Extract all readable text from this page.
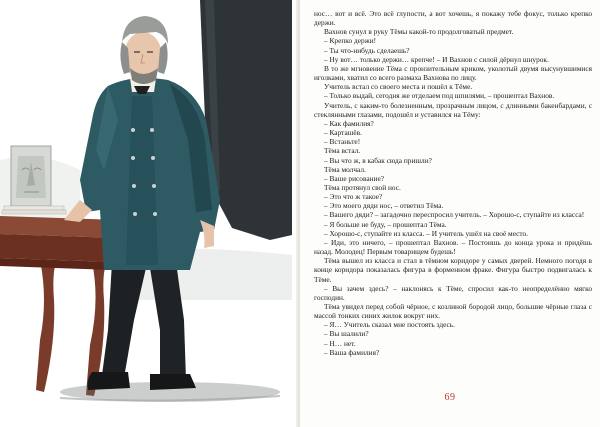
нос… вот и всё. Это всё глупости, а вот хочешь, я покажу тебе фокус, только крепко держи.

Вахнов сунул в руку Тёмы какой-то продолговатый предмет.

– Крепко держи!

– Ты что-нибудь сделаешь?

– Ну вот… только держи… крепче! – И Вахнов с силой дёрнул шнурок.

В то же мгновение Тёма с пронзительным криком, уколотый двумя высунувшимися иголками, хватил со всего размаха Вахнова по лицу.

Учитель встал со своего места и пошёл к Тёме.

– Только выдай, сегодня же отделаем под шпилями, – прошептал Вахнов.

Учитель, с каким-то болезненным, прозрачным лицом, с длинными бакенбардами, с стеклянными глазами, подошёл и уставился на Тёму:

– Как фамилия?

– Карташёв.

– Встаньте!

Тёма встал.

– Вы что ж, в кабак сюда пришли?

Тёма молчал.

– Ваше рисование?

Тёма протянул свой нос.

– Это что ж такое?

– Это моего дяди нос, – ответил Тёма.

– Вашего дяди? – загадочно переспросил учитель. – Хорошо-с, ступайте из класса!

– Я больше не буду, – прошептал Тёма.

– Хорошо-с, ступайте из класса. – И учитель ушёл на своё место.

– Иди, это ничего, – прошептал Вахнов. – Постоишь до конца урока и придёшь назад. Молодец! Первым товарищем будешь!

Тёма вышел из класса и стал в тёмном коридоре у самых дверей. Немного погодя в конце коридора показалась фигура в форменном фраке. Фигура быстро подвигалась к Тёме.

– Вы зачем здесь? – наклонясь к Тёме, спросил как-то неопределённо мягко господин.

Тёма увидел перед собой чёрное, с козлиной бородой лицо, большие чёрные глаза с массой тонких синих жилок вокруг них.

– Я… Учитель сказал мне постоять здесь.

– Вы шалили?

– Н… нет.

– Ваша фамилия?

69
